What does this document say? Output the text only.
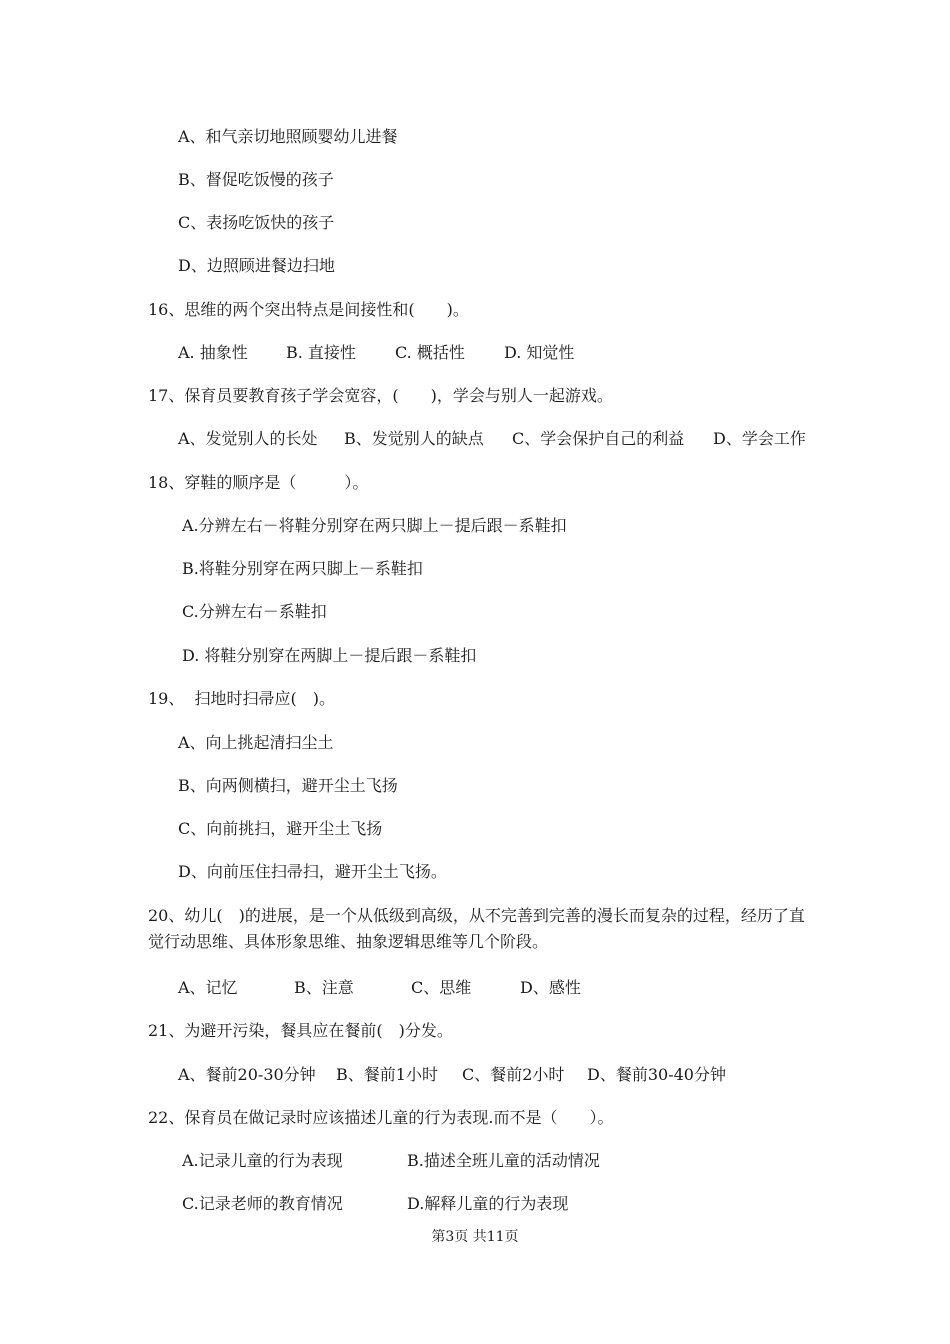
A、和气亲切地照顾婴幼儿进餐
B、督促吃饭慢的孩子
C、表扬吃饭快的孩子
D、边照顾进餐边扫地
16、思维的两个突出特点是间接性和(　　)。

A. 抽象性

B. 直接性

C. 概括性

D. 知觉性

17、保育员要教育孩子学会宽容，(　　)，学会与别人一起游戏。

A、发觉别人的长处

B、发觉别人的缺点

C、学会保护自己的利益

D、学会工作

18、穿鞋的顺序是（　　　）。
A.分辨左右－将鞋分别穿在两只脚上－提后跟－系鞋扣
B.将鞋分别穿在两只脚上－系鞋扣
C.分辨左右－系鞋扣
D. 将鞋分别穿在两脚上－提后跟－系鞋扣
19、  扫地时扫帚应(　)。
A、向上挑起清扫尘土
B、向两侧横扫，避开尘土飞扬
C、向前挑扫，避开尘土飞扬
D、向前压住扫帚扫，避开尘土飞扬。
20、幼儿(　)的进展，是一个从低级到高级，从不完善到完善的漫长而复杂的过程，经历了直觉行动思维、具体形象思维、抽象逻辑思维等几个阶段。

A、记忆

	B、注意

	C、思维

	D、感性

21、为避开污染，餐具应在餐前(　)分发。

A、餐前20-30分钟

B、餐前1小时

C、餐前2小时

D、餐前30-40分钟

22、保育员在做记录时应该描述儿童的行为表现.而不是（　　）。

A.记录儿童的行为表现

	B.描述全班儿童的活动情况

C.记录老师的教育情况

	D.解释儿童的行为表现

第3页 共11页
